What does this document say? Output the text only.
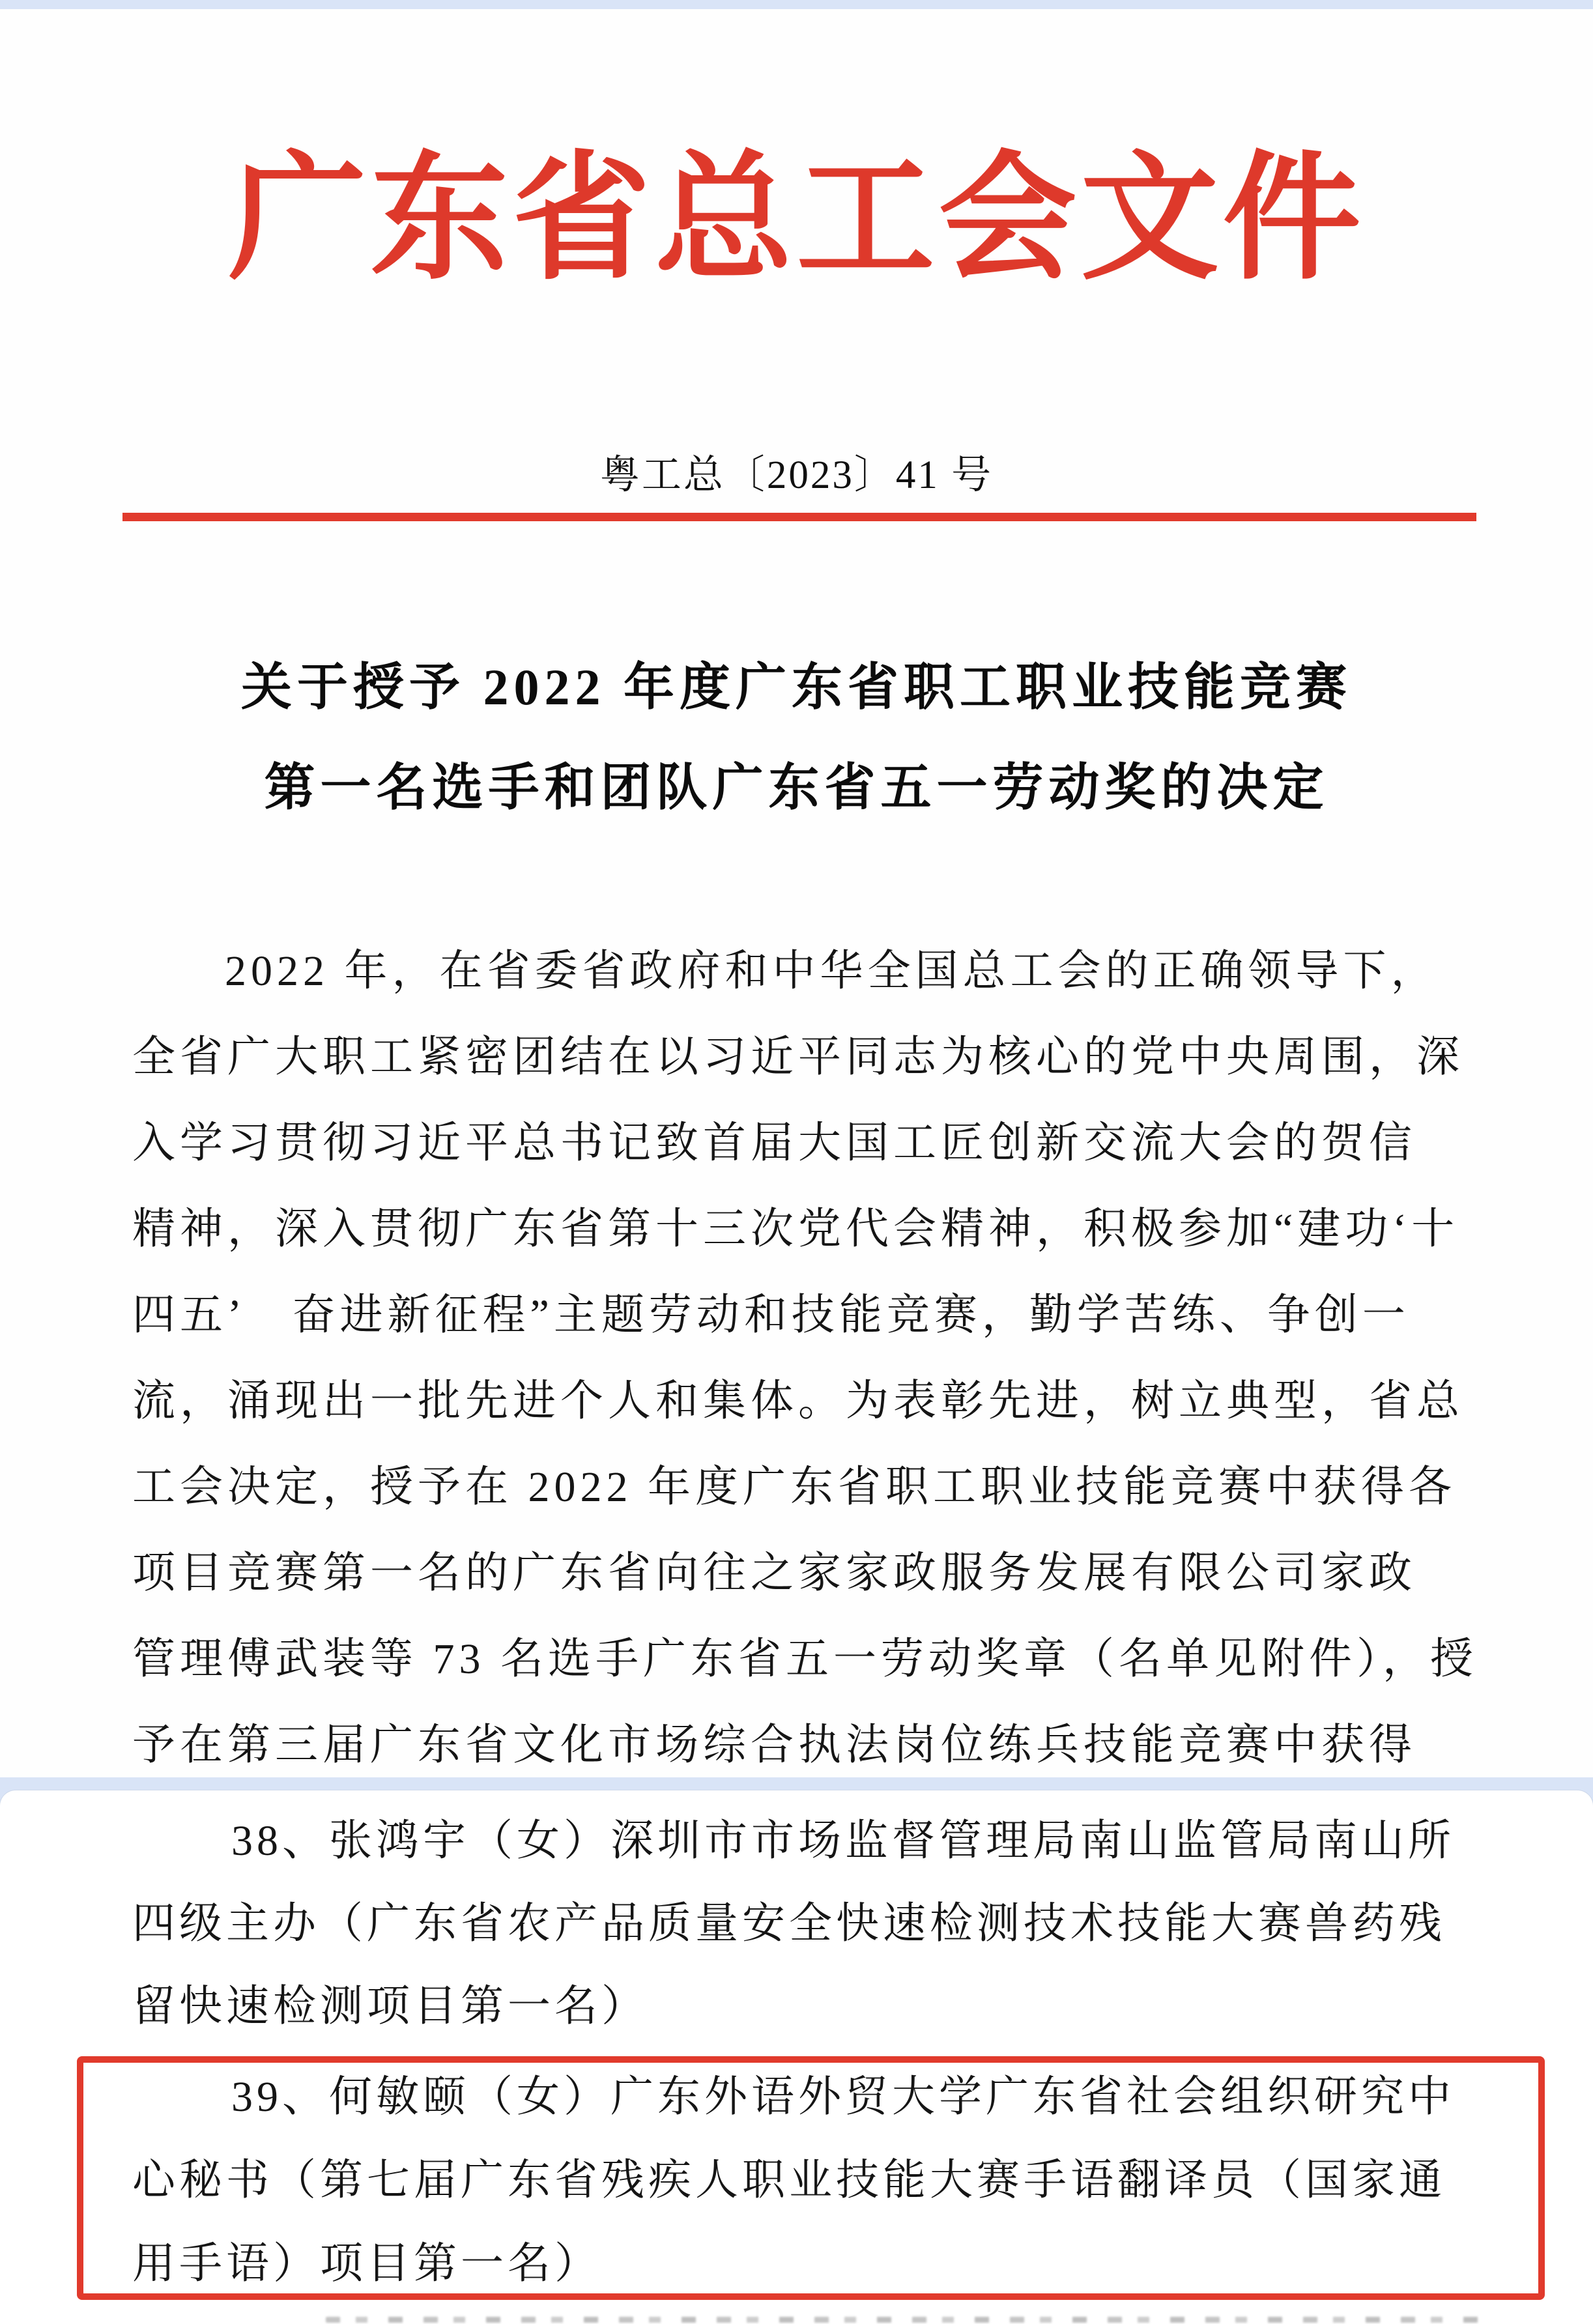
广东省总工会文件
粤工总〔2023〕41 号
关于授予 2022 年度广东省职工职业技能竞赛
第一名选手和团队广东省五一劳动奖的决定
2022 年，在省委省政府和中华全国总工会的正确领导下，
全省广大职工紧密团结在以习近平同志为核心的党中央周围，深
入学习贯彻习近平总书记致首届大国工匠创新交流大会的贺信
精神，深入贯彻广东省第十三次党代会精神，积极参加“建功‘十
四五’　奋进新征程”主题劳动和技能竞赛，勤学苦练、争创一
流，涌现出一批先进个人和集体。为表彰先进，树立典型，省总
工会决定，授予在 2022 年度广东省职工职业技能竞赛中获得各
项目竞赛第一名的广东省向往之家家政服务发展有限公司家政
管理傅武装等 73 名选手广东省五一劳动奖章（名单见附件），授
予在第三届广东省文化市场综合执法岗位练兵技能竞赛中获得
38、张鸿宇（女）深圳市市场监督管理局南山监管局南山所
四级主办（广东省农产品质量安全快速检测技术技能大赛兽药残
留快速检测项目第一名）
39、何敏颐（女）广东外语外贸大学广东省社会组织研究中
心秘书（第七届广东省残疾人职业技能大赛手语翻译员（国家通
用手语）项目第一名）
